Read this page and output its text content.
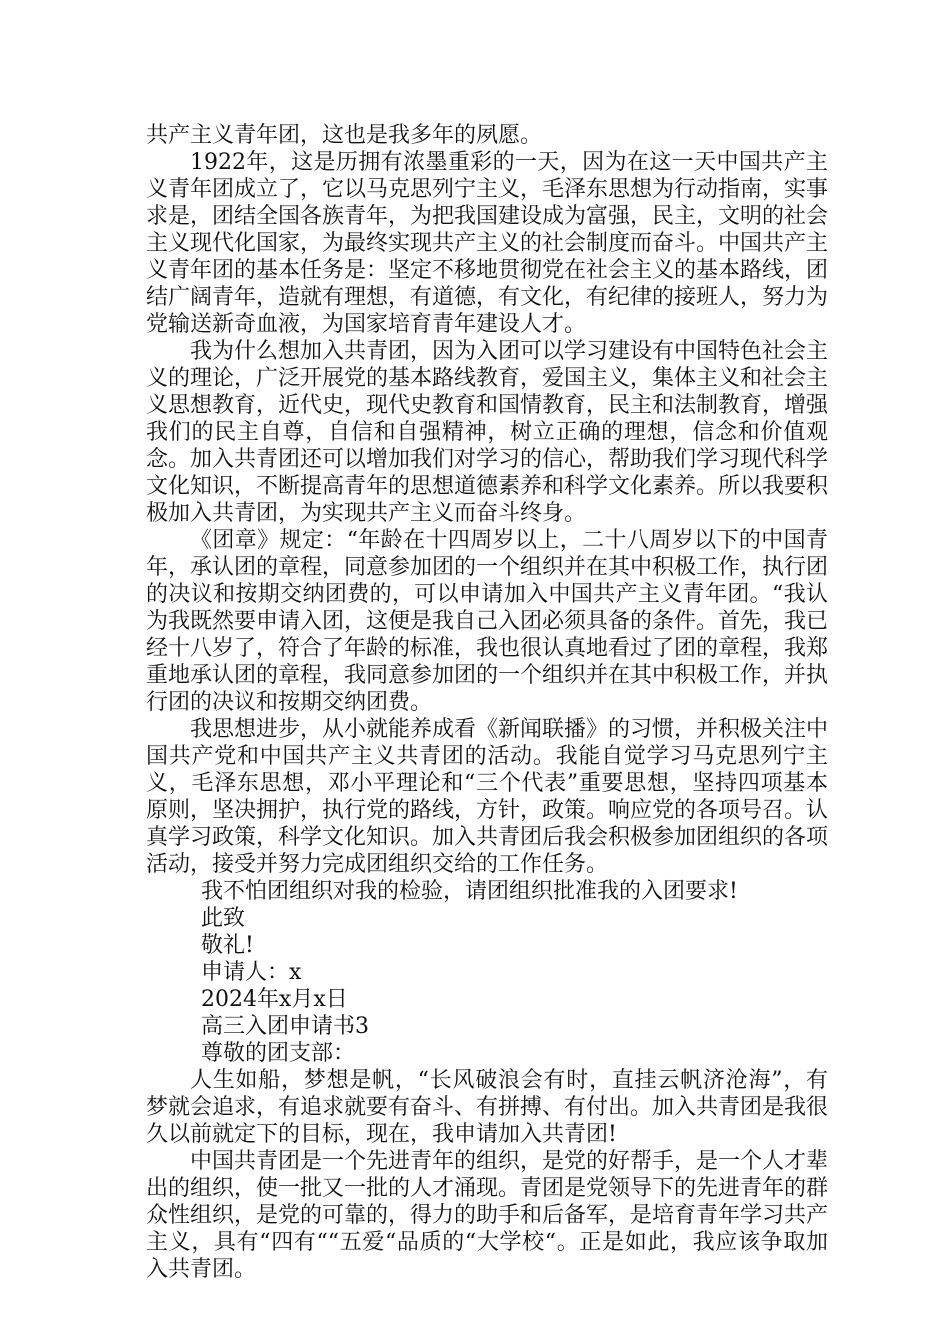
共产主义青年团，这也是我多年的夙愿。

1922年，这是历拥有浓墨重彩的一天，因为在这一天中国共产主义青年团成立了，它以马克思列宁主义，毛泽东思想为行动指南，实事求是，团结全国各族青年，为把我国建设成为富强，民主，文明的社会主义现代化国家，为最终实现共产主义的社会制度而奋斗。中国共产主义青年团的基本任务是：坚定不移地贯彻党在社会主义的基本路线，团结广阔青年，造就有理想，有道德，有文化，有纪律的接班人，努力为党输送新奇血液，为国家培育青年建设人才。

我为什么想加入共青团，因为入团可以学习建设有中国特色社会主义的理论，广泛开展党的基本路线教育，爱国主义，集体主义和社会主义思想教育，近代史，现代史教育和国情教育，民主和法制教育，增强我们的民主自尊，自信和自强精神，树立正确的理想，信念和价值观念。加入共青团还可以增加我们对学习的信心，帮助我们学习现代科学文化知识，不断提高青年的思想道德素养和科学文化素养。所以我要积极加入共青团，为实现共产主义而奋斗终身。

《团章》规定：“年龄在十四周岁以上，二十八周岁以下的中国青年，承认团的章程，同意参加团的一个组织并在其中积极工作，执行团的决议和按期交纳团费的，可以申请加入中国共产主义青年团。“我认为我既然要申请入团，这便是我自己入团必须具备的条件。首先，我已经十八岁了，符合了年龄的标准，我也很认真地看过了团的章程，我郑重地承认团的章程，我同意参加团的一个组织并在其中积极工作，并执行团的决议和按期交纳团费。

我思想进步，从小就能养成看《新闻联播》的习惯，并积极关注中国共产党和中国共产主义共青团的活动。我能自觉学习马克思列宁主义，毛泽东思想，邓小平理论和“三个代表”重要思想，坚持四项基本原则，坚决拥护，执行党的路线，方针，政策。响应党的各项号召。认真学习政策，科学文化知识。加入共青团后我会积极参加团组织的各项活动，接受并努力完成团组织交给的工作任务。

我不怕团组织对我的检验，请团组织批准我的入团要求!

此致

敬礼!

申请人：x

2024年x月x日

高三入团申请书3

尊敬的团支部：

人生如船，梦想是帆，“长风破浪会有时，直挂云帆济沧海”，有梦就会追求，有追求就要有奋斗、有拼搏、有付出。加入共青团是我很久以前就定下的目标，现在，我申请加入共青团!

中国共青团是一个先进青年的组织，是党的好帮手，是一个人才辈出的组织，使一批又一批的人才涌现。青团是党领导下的先进青年的群众性组织，是党的可靠的，得力的助手和后备军，是培育青年学习共产主义，具有“四有““五爱“品质的“大学校“。正是如此，我应该争取加入共青团。
